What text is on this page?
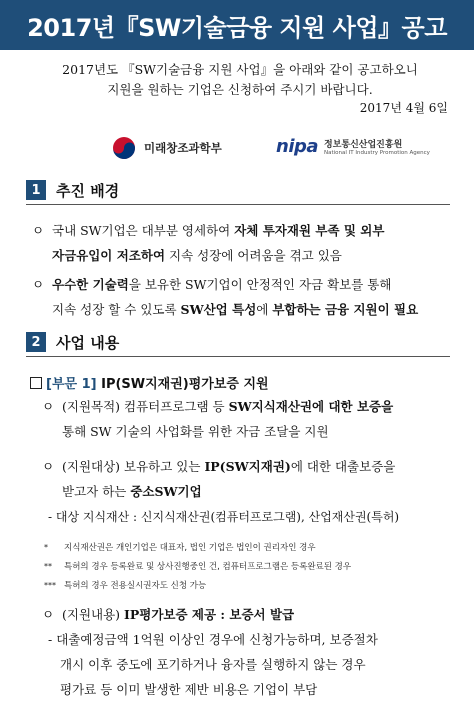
2017년『SW기술금융 지원 사업』공고
2017년도 『SW기술금융 지원 사업』을 아래와 같이 공고하오니
지원을 원하는 기업은 신청하여 주시기 바랍니다.
2017년 4월 6일
미래창조과학부	nipa 정보통신산업진흥원
National IT Industry Promotion Agency
1	추진 배경
ㅇ 국내 SW기업은 대부분 영세하여 자체 투자재원 부족 및 외부
자금유입이 저조하여 지속 성장에 어려움을 겪고 있음
ㅇ 우수한 기술력을 보유한 SW기업이 안정적인 자금 확보를 통해
지속 성장 할 수 있도록 SW산업 특성에 부합하는 금융 지원이 필요
2	사업 내용
[부문 1] IP(SW지재권)평가보증 지원
ㅇ (지원목적) 컴퓨터프로그램 등 SW지식재산권에 대한 보증을
통해 SW 기술의 사업화를 위한 자금 조달을 지원
ㅇ (지원대상) 보유하고 있는 IP(SW지재권)에 대한 대출보증을
받고자 하는 중소SW기업
- 대상 지식재산 : 신지식재산권(컴퓨터프로그램), 산업재산권(특허)
* 지식재산권은 개인기업은 대표자, 법인 기업은 법인이 권리자인 경우
** 특허의 경우 등록완료 및 상사진행중인 건, 컴퓨터프로그램은 등록완료된 경우
*** 특허의 경우 전용실시권자도 신청 가능
ㅇ (지원내용) IP평가보증 제공 : 보증서 발급
- 대출예정금액 1억원 이상인 경우에 신청가능하며, 보증절차
개시 이후 중도에 포기하거나 융자를 실행하지 않는 경우
평가료 등 이미 발생한 제반 비용은 기업이 부담
